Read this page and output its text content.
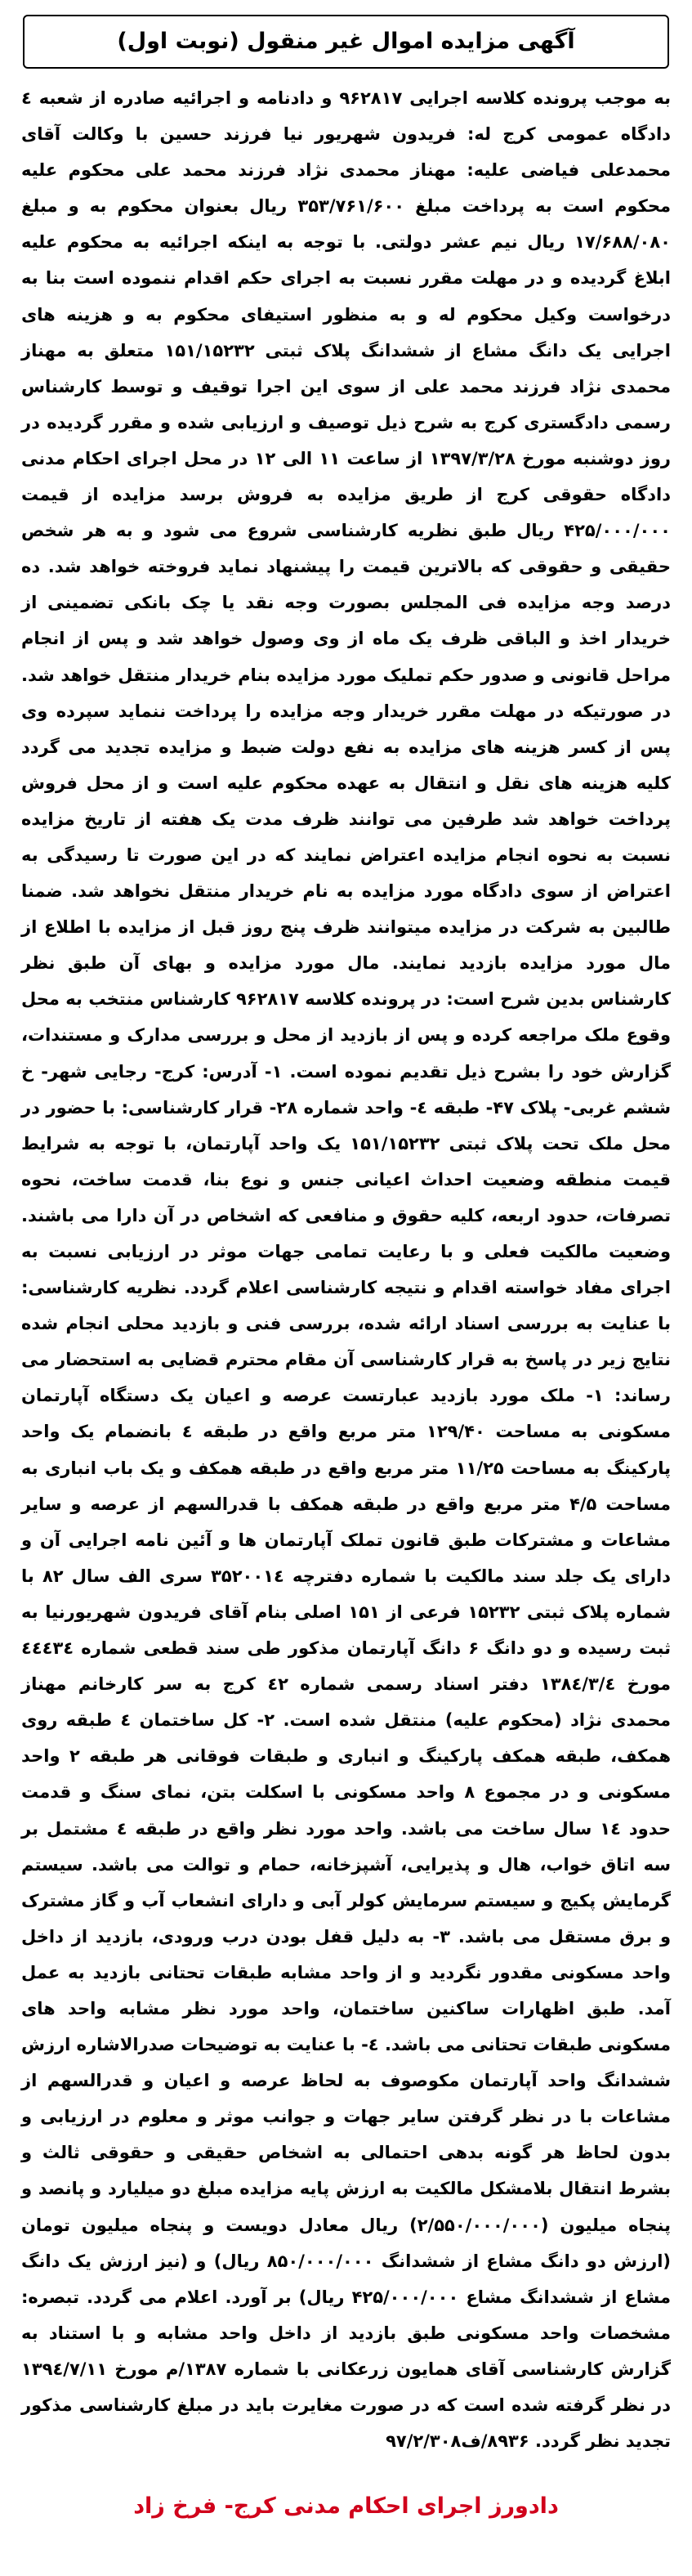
آگهی مزایده اموال غیر منقول (نوبت اول)

به موجب پرونده کلاسه اجرایی ۹۶۲۸۱۷ و دادنامه و اجرائیه صادره از شعبه ٤ دادگاه عمومی کرج له: فریدون شهریور نیا فرزند حسین با وکالت آقای محمدعلی فیاضی علیه: مهناز محمدی نژاد فرزند محمد علی محکوم علیه محکوم است به پرداخت مبلغ ۳۵۳/۷۶۱/۶۰۰ ریال بعنوان محکوم به و مبلغ ۱۷/۶۸۸/۰۸۰ ریال نیم عشر دولتی. با توجه به اینکه اجرائیه به محکوم علیه ابلاغ گردیده و در مهلت مقرر نسبت به اجرای حکم اقدام ننموده است بنا به درخواست وکیل محکوم له و به منظور استیفای محکوم به و هزینه های اجرایی یک دانگ مشاع از ششدانگ پلاک ثبتی ۱۵۱/۱۵۲۳۲ متعلق به مهناز محمدی نژاد فرزند محمد علی از سوی این اجرا توقیف و توسط کارشناس رسمی دادگستری کرج به شرح ذیل توصیف و ارزیابی شده و مقرر گردیده در روز دوشنبه مورخ ۱۳۹۷/۳/۲۸ از ساعت ۱۱ الی ۱۲ در محل اجرای احکام مدنی دادگاه حقوقی کرج از طریق مزایده به فروش برسد مزایده از قیمت ۴۲۵/۰۰۰/۰۰۰ ریال طبق نظریه کارشناسی شروع می شود و به هر شخص حقیقی و حقوقی که بالاترین قیمت را پیشنهاد نماید فروخته خواهد شد. ده درصد وجه مزایده فی المجلس بصورت وجه نقد یا چک بانکی تضمینی از خریدار اخذ و الباقی ظرف یک ماه از وی وصول خواهد شد و پس از انجام مراحل قانونی و صدور حکم تملیک مورد مزایده بنام خریدار منتقل خواهد شد. در صورتیکه در مهلت مقرر خریدار وجه مزایده را پرداخت ننماید سپرده وی پس از کسر هزینه های مزایده به نفع دولت ضبط و مزایده تجدید می گردد کلیه هزینه های نقل و انتقال به عهده محکوم علیه است و از محل فروش پرداخت خواهد شد طرفین می توانند ظرف مدت یک هفته از تاریخ مزایده نسبت به نحوه انجام مزایده اعتراض نمایند که در این صورت تا رسیدگی به اعتراض از سوی دادگاه مورد مزایده به نام خریدار منتقل نخواهد شد. ضمنا طالبین به شرکت در مزایده میتوانند ظرف پنج روز قبل از مزایده با اطلاع از مال مورد مزایده بازدید نمایند. مال مورد مزایده و بهای آن طبق نظر کارشناس بدین شرح است: در پرونده کلاسه ۹۶۲۸۱۷ کارشناس منتخب به محل وقوع ملک مراجعه کرده و پس از بازدید از محل و بررسی مدارک و مستندات، گزارش خود را بشرح ذیل تقدیم نموده است. ۱- آدرس: کرج- رجایی شهر- خ ششم غربی- پلاک ۴۷- طبقه ٤- واحد شماره ۲۸- قرار کارشناسی: با حضور در محل ملک تحت پلاک ثبتی ۱۵۱/۱۵۲۳۲ یک واحد آپارتمان، با توجه به شرایط قیمت منطقه وضعیت احداث اعیانی جنس و نوع بنا، قدمت ساخت، نحوه تصرفات، حدود اربعه، کلیه حقوق و منافعی که اشخاص در آن دارا می باشند. وضعیت مالکیت فعلی و با رعایت تمامی جهات موثر در ارزیابی نسبت به اجرای مفاد خواسته اقدام و نتیجه کارشناسی اعلام گردد. نظریه کارشناسی: با عنایت به بررسی اسناد ارائه شده، بررسی فنی و بازدید محلی انجام شده نتایج زیر در پاسخ به قرار کارشناسی آن مقام محترم قضایی به استحضار می رساند: ۱- ملک مورد بازدید عبارتست عرصه و اعیان یک دستگاه آپارتمان مسکونی به مساحت ۱۲۹/۴۰ متر مربع واقع در طبقه ٤ بانضمام یک واحد پارکینگ به مساحت ۱۱/۲۵ متر مربع واقع در طبقه همکف و یک باب انباری به مساحت ۴/۵ متر مربع واقع در طبقه همکف با قدرالسهم از عرصه و سایر مشاعات و مشترکات طبق قانون تملک آپارتمان ها و آئین نامه اجرایی آن و دارای یک جلد سند مالکیت با شماره دفترچه ۳۵۲۰۰۱٤ سری الف سال ۸۲ با شماره پلاک ثبتی ۱۵۲۳۲ فرعی از ۱۵۱ اصلی بنام آقای فریدون شهریورنیا به ثبت رسیده و دو دانگ ۶ دانگ آپارتمان مذکور طی سند قطعی شماره ٤٤٤٣٤ مورخ ۱۳۸٤/۳/٤ دفتر اسناد رسمی شماره ٤۲ کرج به سر کارخانم مهناز محمدی نژاد (محکوم علیه) منتقل شده است. ۲- کل ساختمان ٤ طبقه روی همکف، طبقه همکف پارکینگ و انباری و طبقات فوقانی هر طبقه ۲ واحد مسکونی و در مجموع ۸ واحد مسکونی با اسکلت بتن، نمای سنگ و قدمت حدود ۱٤ سال ساخت می باشد. واحد مورد نظر واقع در طبقه ٤ مشتمل بر سه اتاق خواب، هال و پذیرایی، آشپزخانه، حمام و توالت می باشد. سیستم گرمایش پکیج و سیستم سرمایش کولر آبی و دارای انشعاب آب و گاز مشترک و برق مستقل می باشد. ۳- به دلیل قفل بودن درب ورودی، بازدید از داخل واحد مسکونی مقدور نگردید و از واحد مشابه طبقات تحتانی بازدید به عمل آمد. طبق اظهارات ساکنین ساختمان، واحد مورد نظر مشابه واحد های مسکونی طبقات تحتانی می باشد. ٤- با عنایت به توضیحات صدرالاشاره ارزش ششدانگ واحد آپارتمان مکوصوف به لحاظ عرصه و اعیان و قدرالسهم از مشاعات با در نظر گرفتن سایر جهات و جوانب موثر و معلوم در ارزیابی و بدون لحاظ هر گونه بدهی احتمالی به اشخاص حقیقی و حقوقی ثالث و بشرط انتقال بلامشکل مالکیت به ارزش پایه مزایده مبلغ دو میلیارد و پانصد و پنجاه میلیون (۲/۵۵۰/۰۰۰/۰۰۰) ریال معادل دویست و پنجاه میلیون تومان (ارزش دو دانگ مشاع از ششدانگ ۸۵۰/۰۰۰/۰۰۰ ریال) و (نیز ارزش یک دانگ مشاع از ششدانگ مشاع ۴۲۵/۰۰۰/۰۰۰ ریال) بر آورد. اعلام می گردد. تبصره: مشخصات واحد مسکونی طبق بازدید از داخل واحد مشابه و با استناد به گزارش کارشناسی آقای همایون زرعکانی با شماره ۱۳۸۷/م مورخ ۱۳۹٤/۷/۱۱ در نظر گرفته شده است که در صورت مغایرت باید در مبلغ کارشناسی مذکور تجدید نظر گردد. ۸۹۳۶/ف۹۷/۲/۳۰۸

دادورز اجرای احکام مدنی کرج- فرخ زاد
